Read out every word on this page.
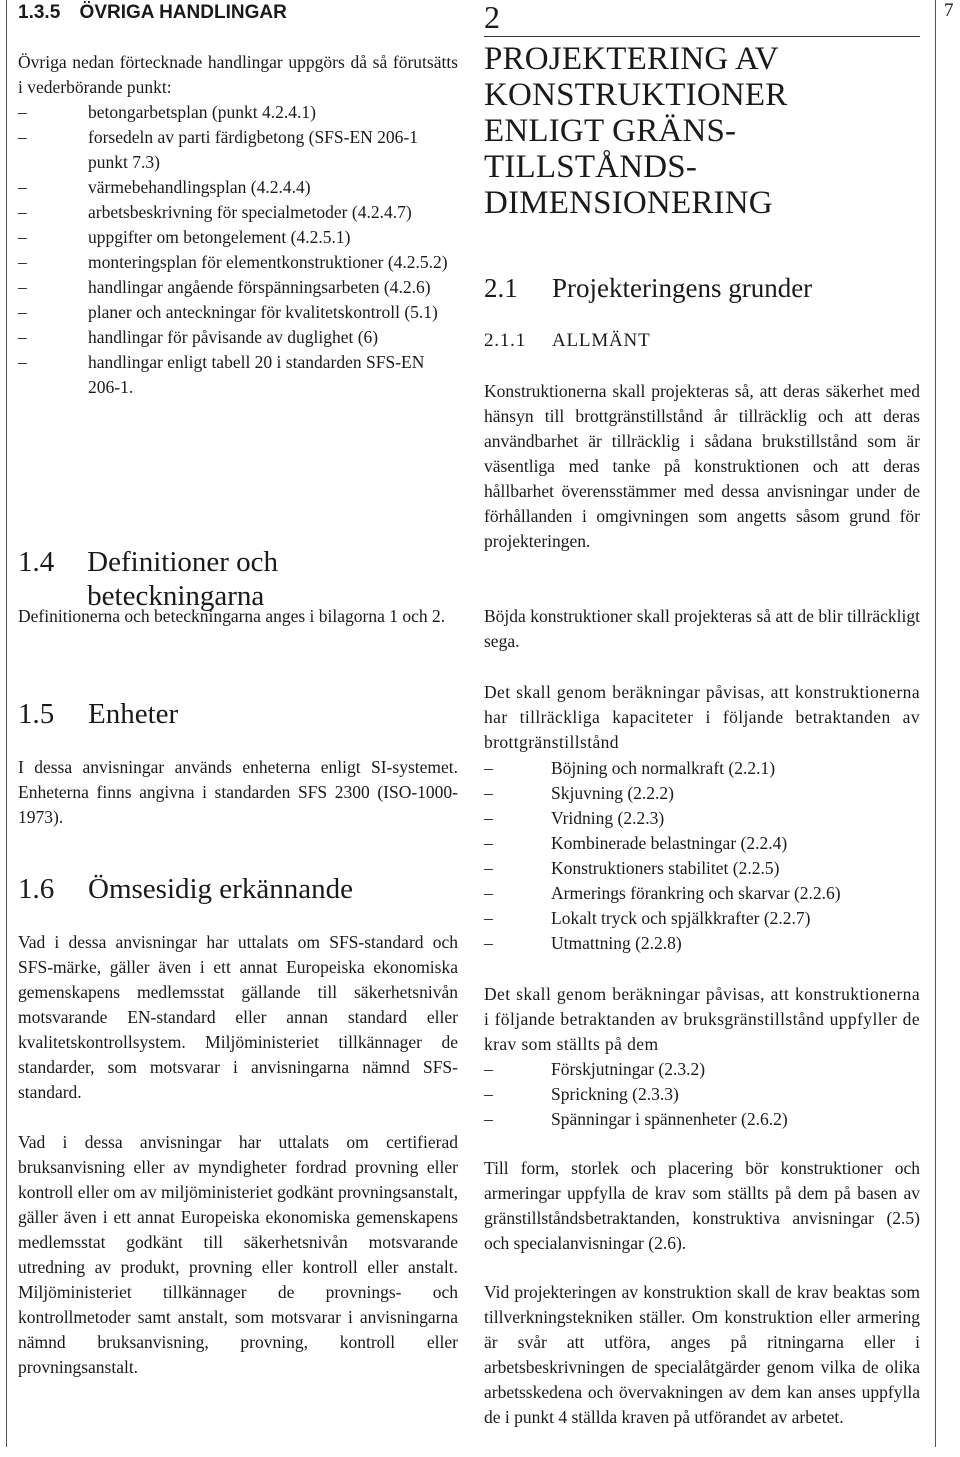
7
1.3.5 ÖVRIGA HANDLINGAR

Övriga nedan förtecknade handlingar uppgörs då så förutsätts i vederbörande punkt:

– betongarbetsplan (punkt 4.2.4.1)
– forsedeln av parti färdigbetong (SFS-EN 206-1 punkt 7.3)
– värmebehandlingsplan (4.2.4.4)
– arbetsbeskrivning för specialmetoder (4.2.4.7)
– uppgifter om betongelement (4.2.5.1)
– monteringsplan för elementkonstruktioner (4.2.5.2)
– handlingar angående förspänningsarbeten (4.2.6)
– planer och anteckningar för kvalitetskontroll (5.1)
– handlingar för påvisande av duglighet (6)
– handlingar enligt tabell 20 i standarden SFS-EN 206-1.
1.4	Definitioner och beteckningarna

Definitionerna och beteckningarna anges i bilagorna 1 och 2.

1.5	Enheter

I dessa anvisningar används enheterna enligt SI-systemet. Enheterna finns angivna i standarden SFS 2300 (ISO-1000-1973).

1.6	Ömsesidig erkännande

Vad i dessa anvisningar har uttalats om SFS-standard och SFS-märke, gäller även i ett annat Europeiska ekonomiska gemenskapens medlemsstat gällande till säkerhetsnivån motsvarande EN-standard eller annan standard eller kvalitetskontrollsystem. Miljöministeriet tillkännager de standarder, som motsvarar i anvisningarna nämnd SFS-standard.

Vad i dessa anvisningar har uttalats om certifierad bruksanvisning eller av myndigheter fordrad provning eller kontroll eller om av miljöministeriet godkänt provningsanstalt, gäller även i ett annat Europeiska ekonomiska gemenskapens medlemsstat godkänt till säkerhetsnivån motsvarande utredning av produkt, provning eller kontroll eller anstalt. Miljöministeriet tillkännager de provnings- och kontrollmetoder samt anstalt, som motsvarar i anvisningarna nämnd bruksanvisning, provning, kontroll eller provningsanstalt.

2
PROJEKTERING AV
KONSTRUKTIONER
ENLIGT GRÄNS-
TILLSTÅNDS-
DIMENSIONERING
2.1	Projekteringens grunder
2.1.1	ALLMÄNT

Konstruktionerna skall projekteras så, att deras säkerhet med hänsyn till brottgränstillstånd år tillräcklig och att deras användbarhet är tillräcklig i sådana brukstillstånd som är väsentliga med tanke på konstruktionen och att deras hållbarhet överensstämmer med dessa anvisningar under de förhållanden i omgivningen som angetts såsom grund för projekteringen.

Böjda konstruktioner skall projekteras så att de blir tillräckligt sega.

Det skall genom beräkningar påvisas, att konstruktionerna har tillräckliga kapaciteter i följande betraktanden av brottgränstillstånd

– Böjning och normalkraft (2.2.1)
– Skjuvning (2.2.2)
– Vridning (2.2.3)
– Kombinerade belastningar (2.2.4)
– Konstruktioners stabilitet (2.2.5)
– Armerings förankring och skarvar (2.2.6)
– Lokalt tryck och spjälkkrafter (2.2.7)
– Utmattning (2.2.8)

Det skall genom beräkningar påvisas, att konstruktionerna i följande betraktanden av bruksgränstillstånd uppfyller de krav som ställts på dem

– Förskjutningar (2.3.2)
– Sprickning (2.3.3)
– Spänningar i spännenheter (2.6.2)

Till form, storlek och placering bör konstruktioner och armeringar uppfylla de krav som ställts på dem på basen av gränstillståndsbetraktanden, konstruktiva anvisningar (2.5) och specialanvisningar (2.6).

Vid projekteringen av konstruktion skall de krav beaktas som tillverkningstekniken ställer. Om konstruktion eller armering är svår att utföra, anges på ritningarna eller i arbetsbeskrivningen de specialåtgärder genom vilka de olika arbetsskedena och övervakningen av dem kan anses uppfylla de i punkt 4 ställda kraven på utförandet av arbetet.
